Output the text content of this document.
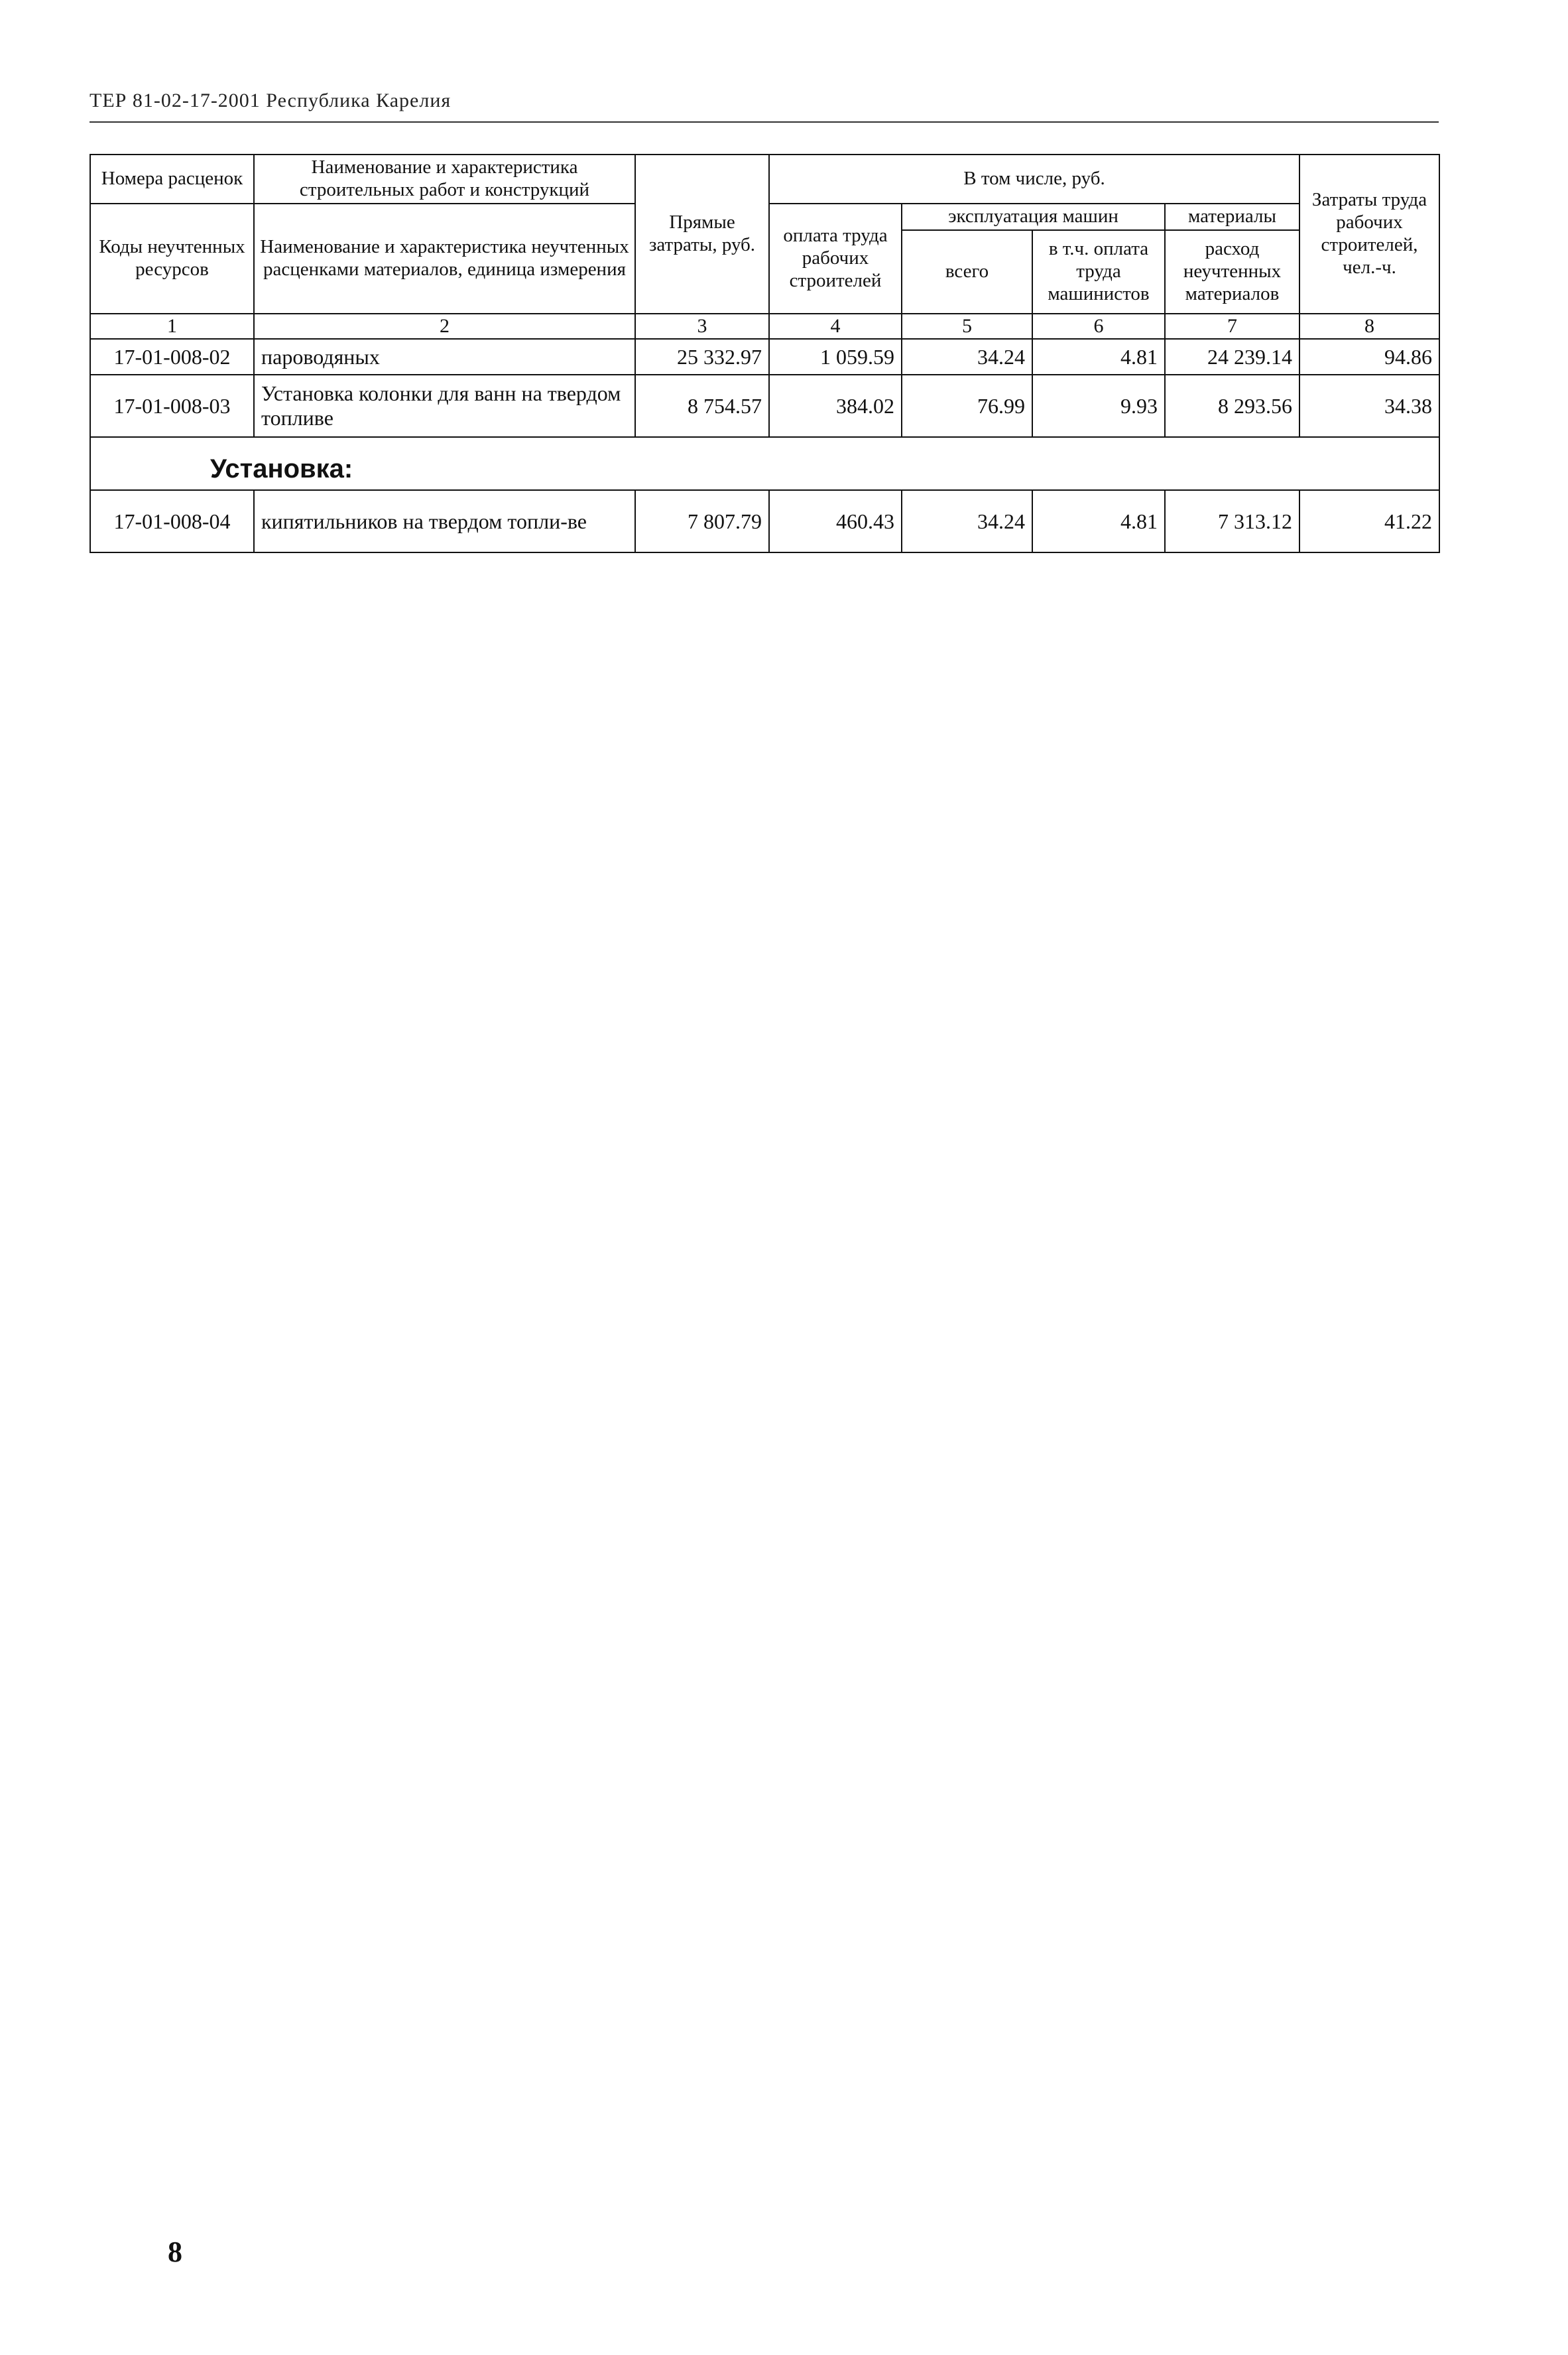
ТЕР 81-02-17-2001 Республика Карелия
Номера расценок	Наименование и характеристика строительных работ и конструкций	Прямые затраты, руб.	В том числе, руб.				Затраты труда рабочих строителей, чел.-ч.
Коды неучтенных ресурсов	Наименование и характеристика неучтенных расценками материалов, единица измерения		оплата труда рабочих строителей	эксплуатация машин		материалы	
				всего	в т.ч. оплата труда машинистов	расход неучтенных материалов	
1	2	3	4	5	6	7	8
17-01-008-02	пароводяных	25 332.97	1 059.59	34.24	4.81	24 239.14	94.86
17-01-008-03	Установка колонки для ванн на твердом топливе	8 754.57	384.02	76.99	9.93	8 293.56	34.38
Установка:							
17-01-008-04	кипятильников на твердом топли-ве	7 807.79	460.43	34.24	4.81	7 313.12	41.22
8
